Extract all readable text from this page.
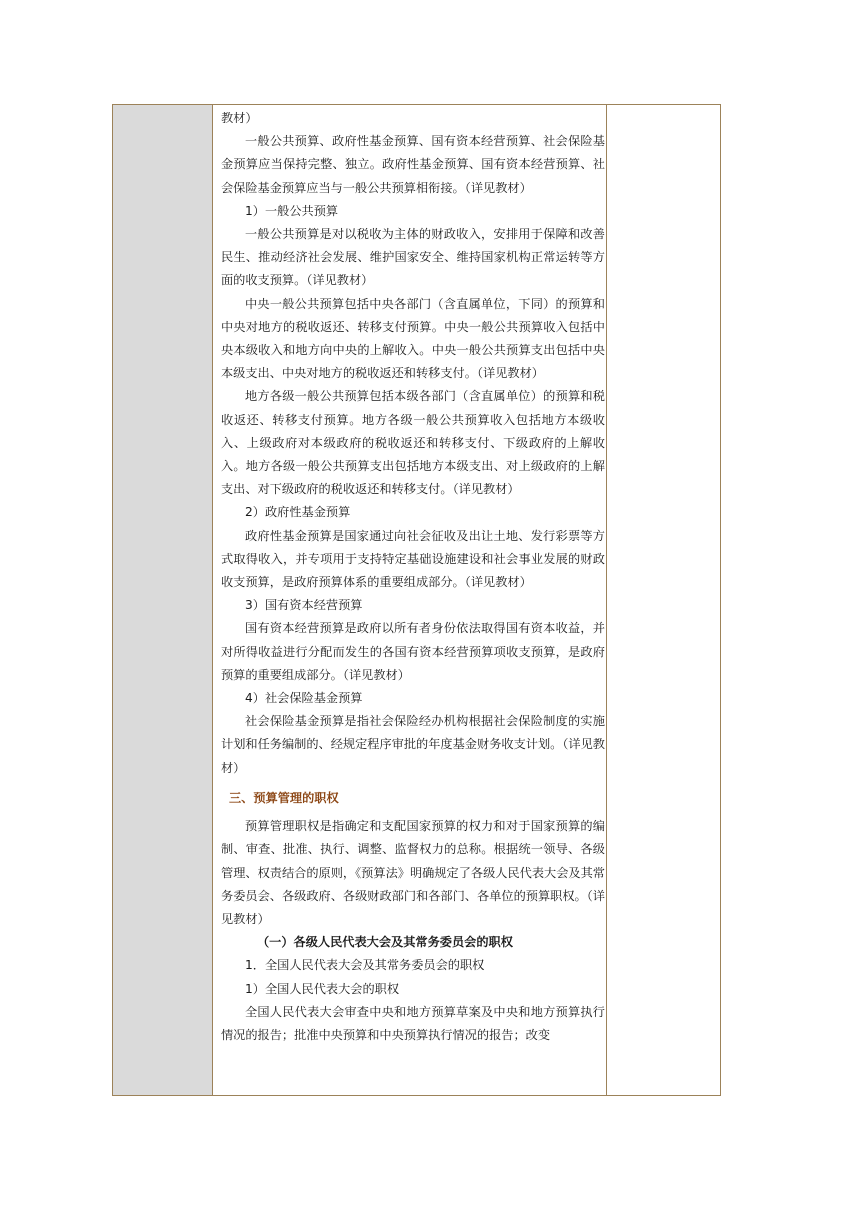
教材）

一般公共预算、政府性基金预算、国有资本经营预算、社会保险基金预算应当保持完整、独立。政府性基金预算、国有资本经营预算、社会保险基金预算应当与一般公共预算相衔接。（详见教材）

1）一般公共预算

一般公共预算是对以税收为主体的财政收入，安排用于保障和改善民生、推动经济社会发展、维护国家安全、维持国家机构正常运转等方面的收支预算。（详见教材）

中央一般公共预算包括中央各部门（含直属单位，下同）的预算和中央对地方的税收返还、转移支付预算。中央一般公共预算收入包括中央本级收入和地方向中央的上解收入。中央一般公共预算支出包括中央本级支出、中央对地方的税收返还和转移支付。（详见教材）

地方各级一般公共预算包括本级各部门（含直属单位）的预算和税收返还、转移支付预算。地方各级一般公共预算收入包括地方本级收入、上级政府对本级政府的税收返还和转移支付、下级政府的上解收入。地方各级一般公共预算支出包括地方本级支出、对上级政府的上解支出、对下级政府的税收返还和转移支付。（详见教材）

2）政府性基金预算

政府性基金预算是国家通过向社会征收及出让土地、发行彩票等方式取得收入，并专项用于支持特定基础设施建设和社会事业发展的财政收支预算，是政府预算体系的重要组成部分。（详见教材）

3）国有资本经营预算

国有资本经营预算是政府以所有者身份依法取得国有资本收益，并对所得收益进行分配而发生的各国有资本经营预算项收支预算，是政府预算的重要组成部分。（详见教材）

4）社会保险基金预算

社会保险基金预算是指社会保险经办机构根据社会保险制度的实施计划和任务编制的、经规定程序审批的年度基金财务收支计划。（详见教材）

三、预算管理的职权

预算管理职权是指确定和支配国家预算的权力和对于国家预算的编制、审查、批准、执行、调整、监督权力的总称。根据统一领导、各级管理、权责结合的原则，《预算法》明确规定了各级人民代表大会及其常务委员会、各级政府、各级财政部门和各部门、各单位的预算职权。（详见教材）

（一）各级人民代表大会及其常务委员会的职权

1．全国人民代表大会及其常务委员会的职权

1）全国人民代表大会的职权

全国人民代表大会审查中央和地方预算草案及中央和地方预算执行情况的报告；批准中央预算和中央预算执行情况的报告；改变
